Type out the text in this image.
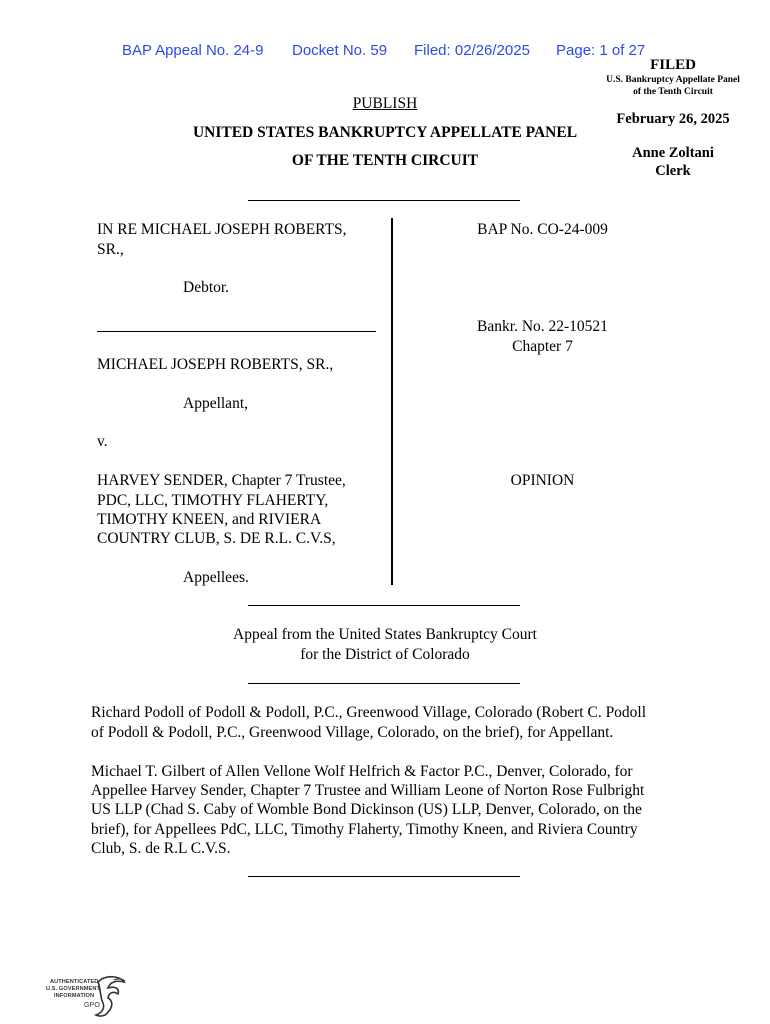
BAP Appeal No. 24-9 Docket No. 59 Filed: 02/26/2025 Page: 1 of 27
FILED
U.S. Bankruptcy Appellate Panel
of the Tenth Circuit
February 26, 2025
Anne Zoltani
Clerk
PUBLISH
UNITED STATES BANKRUPTCY APPELLATE PANEL
OF THE TENTH CIRCUIT
IN RE MICHAEL JOSEPH ROBERTS,
SR.,
Debtor.
MICHAEL JOSEPH ROBERTS, SR.,
Appellant,
v.
HARVEY SENDER, Chapter 7 Trustee,
PDC, LLC, TIMOTHY FLAHERTY,
TIMOTHY KNEEN, and RIVIERA
COUNTRY CLUB, S. DE R.L. C.V.S,
Appellees.
BAP No. CO-24-009
Bankr. No. 22-10521
Chapter 7
OPINION
Appeal from the United States Bankruptcy Court
for the District of Colorado
Richard Podoll of Podoll & Podoll, P.C., Greenwood Village, Colorado (Robert C. Podoll
of Podoll & Podoll, P.C., Greenwood Village, Colorado, on the brief), for Appellant.
Michael T. Gilbert of Allen Vellone Wolf Helfrich & Factor P.C., Denver, Colorado, for
Appellee Harvey Sender, Chapter 7 Trustee and William Leone of Norton Rose Fulbright
US LLP (Chad S. Caby of Womble Bond Dickinson (US) LLP, Denver, Colorado, on the
brief), for Appellees PdC, LLC, Timothy Flaherty, Timothy Kneen, and Riviera Country
Club, S. de R.L C.V.S.
AUTHENTICATED
U.S. GOVERNMENT
INFORMATION
GPO
